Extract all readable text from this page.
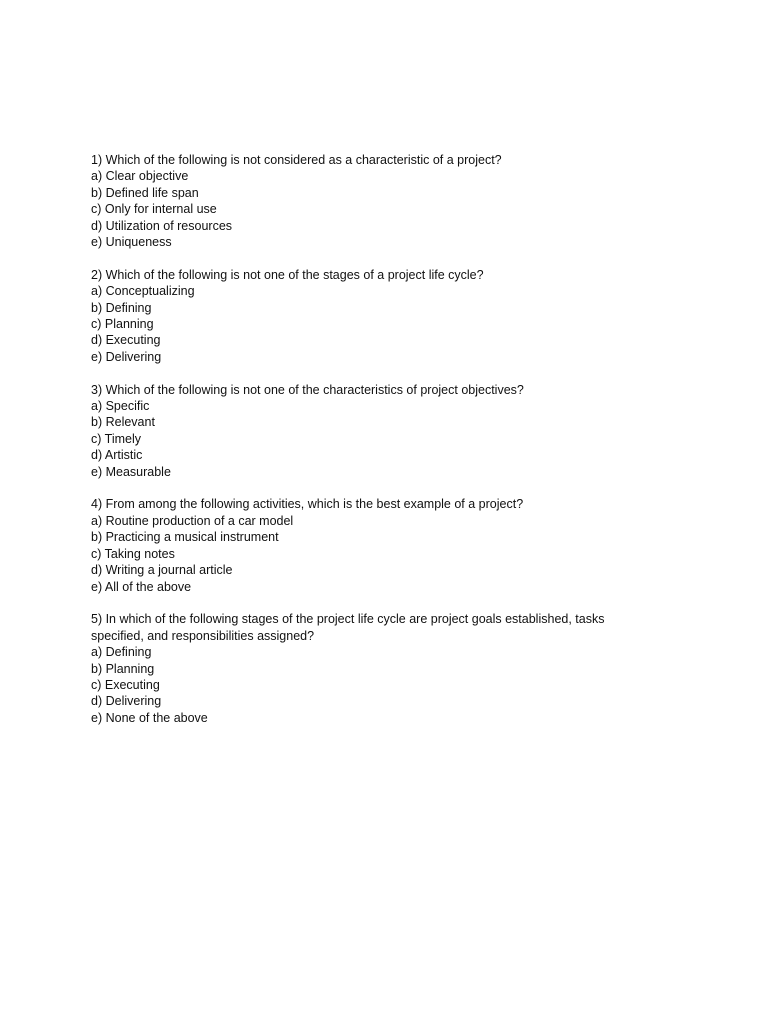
1) Which of the following is not considered as a characteristic of a project?
a) Clear objective
b) Defined life span
c) Only for internal use
d) Utilization of resources
e) Uniqueness
2) Which of the following is not one of the stages of a project life cycle?
a) Conceptualizing
b) Defining
c) Planning
d) Executing
e) Delivering
3) Which of the following is not one of the characteristics of project objectives?
a) Specific
b) Relevant
c) Timely
d) Artistic
e) Measurable
4) From among the following activities, which is the best example of a project?
a) Routine production of a car model
b) Practicing a musical instrument
c) Taking notes
d) Writing a journal article
e) All of the above
5) In which of the following stages of the project life cycle are project goals established, tasks specified, and responsibilities assigned?
a) Defining
b) Planning
c) Executing
d) Delivering
e) None of the above
